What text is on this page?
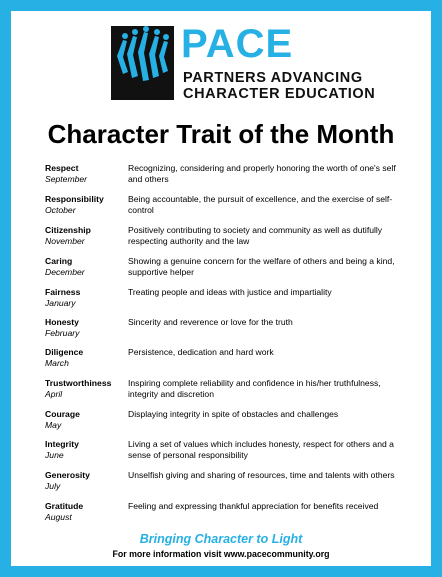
PACE
PARTNERS ADVANCING
CHARACTER EDUCATION
Character Trait of the Month
Respect
September
Recognizing, considering and properly honoring the worth of one's self and others
Responsibility
October
Being accountable, the pursuit of excellence, and the exercise of self-control
Citizenship
November
Positively contributing to society and community as well as dutifully respecting authority and the law
Caring
December
Showing a genuine concern for the welfare of others and being a kind, supportive helper
Fairness
January
Treating people and ideas with justice and impartiality
Honesty
February
Sincerity and reverence or love for the truth
Diligence
March
Persistence, dedication and hard work
Trustworthiness
April
Inspiring complete reliability and confidence in his/her truthfulness, integrity and discretion
Courage
May
Displaying integrity in spite of obstacles and challenges
Integrity
June
Living a set of values which includes honesty, respect for others and a sense of personal responsibility
Generosity
July
Unselfish giving and sharing of resources, time and talents with others
Gratitude
August
Feeling and expressing thankful appreciation for benefits received
Bringing Character to Light
For more information visit www.pacecommunity.org
